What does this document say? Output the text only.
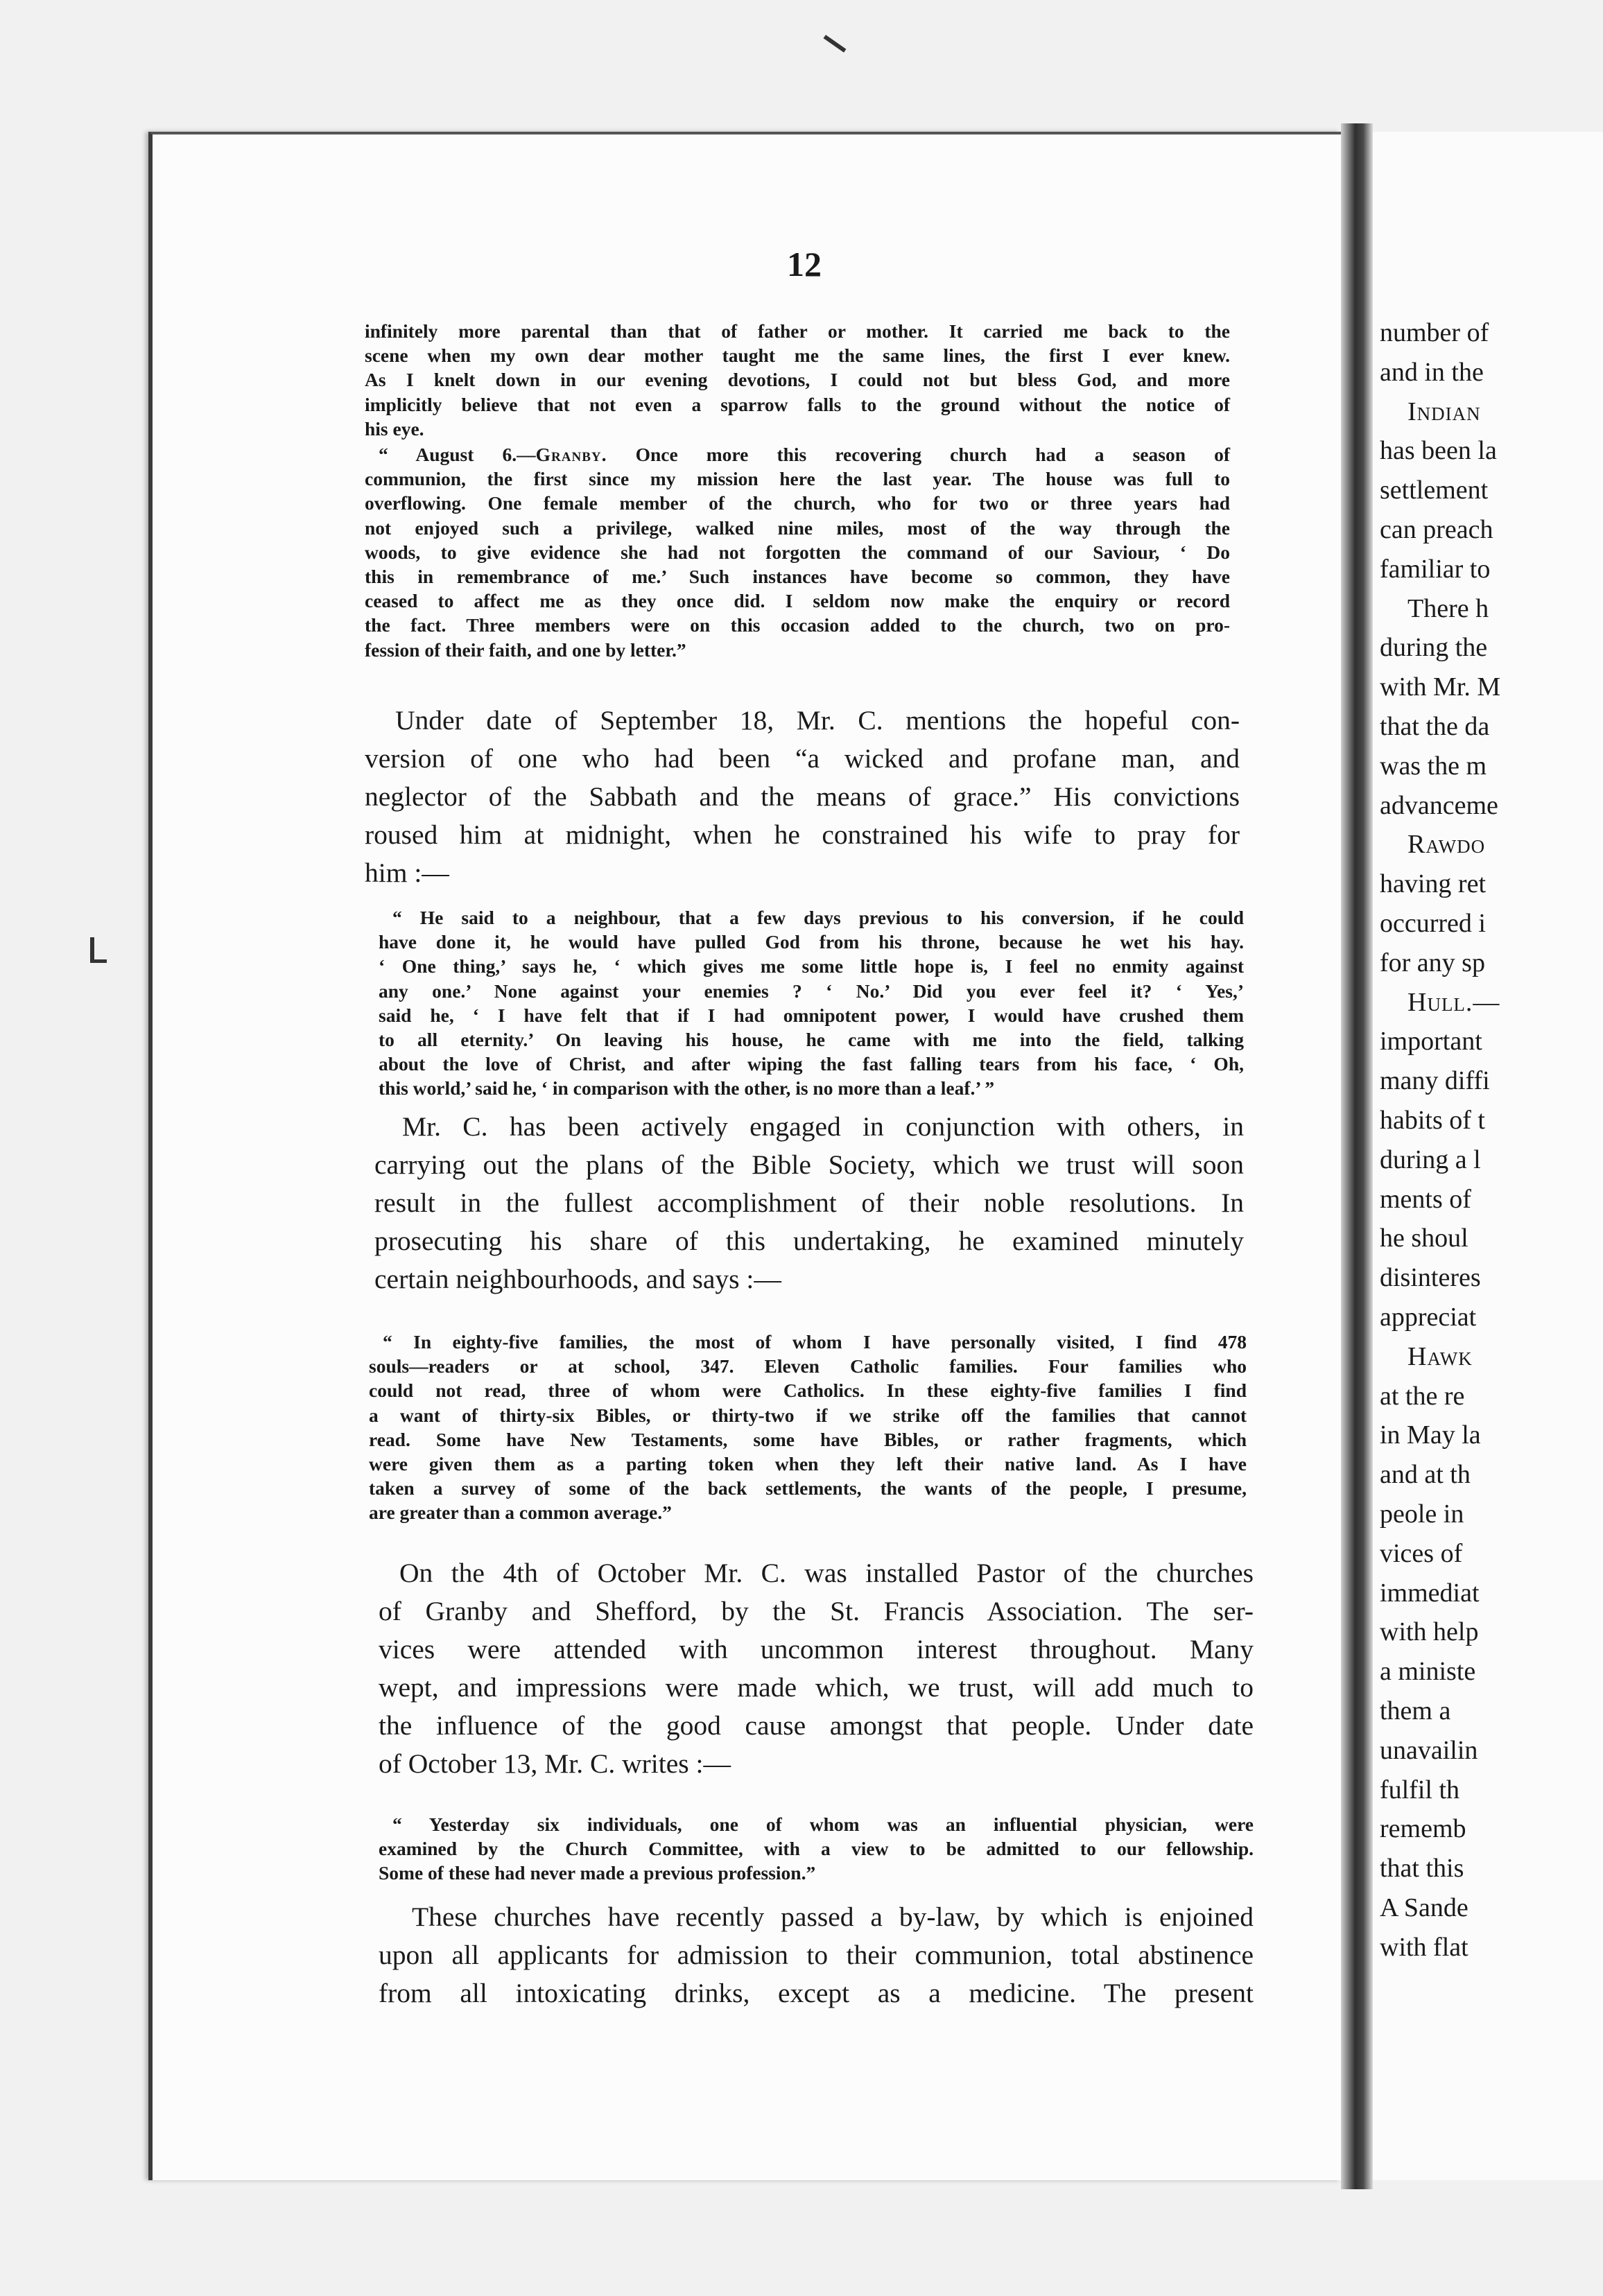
number of
and in the
Indian
has been la
settlement
can preach
familiar to
There h
during the
with Mr. M
that the da
was the m
advanceme
Rawdo
having ret
occurred i
for any sp
Hull.—
important
many diffi
habits of t
during a l
ments of
he shoul
disinteres
appreciat
Hawk
at the re
in May la
and at th
peole in
vices of
immediat
with help
a ministe
them a
unavailin
fulfil th
rememb
that this
A Sande
with flat
12
infinitely more parental than that of father or mother. It carried me back to the
scene when my own dear mother taught me the same lines, the first I ever knew.
As I knelt down in our evening devotions, I could not but bless God, and more
implicitly believe that not even a sparrow falls to the ground without the notice of
his eye.
“ August 6.—Granby. Once more this recovering church had a season of
communion, the first since my mission here the last year. The house was full to
overflowing. One female member of the church, who for two or three years had
not enjoyed such a privilege, walked nine miles, most of the way through the
woods, to give evidence she had not forgotten the command of our Saviour, ‘ Do
this in remembrance of me.’ Such instances have become so common, they have
ceased to affect me as they once did. I seldom now make the enquiry or record
the fact. Three members were on this occasion added to the church, two on pro-
fession of their faith, and one by letter.”
Under date of September 18, Mr. C. mentions the hopeful con-
version of one who had been “a wicked and profane man, and
neglector of the Sabbath and the means of grace.” His convictions
roused him at midnight, when he constrained his wife to pray for
him :—
“ He said to a neighbour, that a few days previous to his conversion, if he could
have done it, he would have pulled God from his throne, because he wet his hay.
‘ One thing,’ says he, ‘ which gives me some little hope is, I feel no enmity against
any one.’ None against your enemies ? ‘ No.’ Did you ever feel it? ‘ Yes,’
said he, ‘ I have felt that if I had omnipotent power, I would have crushed them
to all eternity.’ On leaving his house, he came with me into the field, talking
about the love of Christ, and after wiping the fast falling tears from his face, ‘ Oh,
this world,’ said he, ‘ in comparison with the other, is no more than a leaf.’ ”
Mr. C. has been actively engaged in conjunction with others, in
carrying out the plans of the Bible Society, which we trust will soon
result in the fullest accomplishment of their noble resolutions. In
prosecuting his share of this undertaking, he examined minutely
certain neighbourhoods, and says :—
“ In eighty-five families, the most of whom I have personally visited, I find 478
souls—readers or at school, 347. Eleven Catholic families. Four families who
could not read, three of whom were Catholics. In these eighty-five families I find
a want of thirty-six Bibles, or thirty-two if we strike off the families that cannot
read. Some have New Testaments, some have Bibles, or rather fragments, which
were given them as a parting token when they left their native land. As I have
taken a survey of some of the back settlements, the wants of the people, I presume,
are greater than a common average.”
On the 4th of October Mr. C. was installed Pastor of the churches
of Granby and Shefford, by the St. Francis Association. The ser-
vices were attended with uncommon interest throughout. Many
wept, and impressions were made which, we trust, will add much to
the influence of the good cause amongst that people. Under date
of October 13, Mr. C. writes :—
“ Yesterday six individuals, one of whom was an influential physician, were
examined by the Church Committee, with a view to be admitted to our fellowship.
Some of these had never made a previous profession.”
These churches have recently passed a by-law, by which is enjoined
upon all applicants for admission to their communion, total abstinence
from all intoxicating drinks, except as a medicine. The present
